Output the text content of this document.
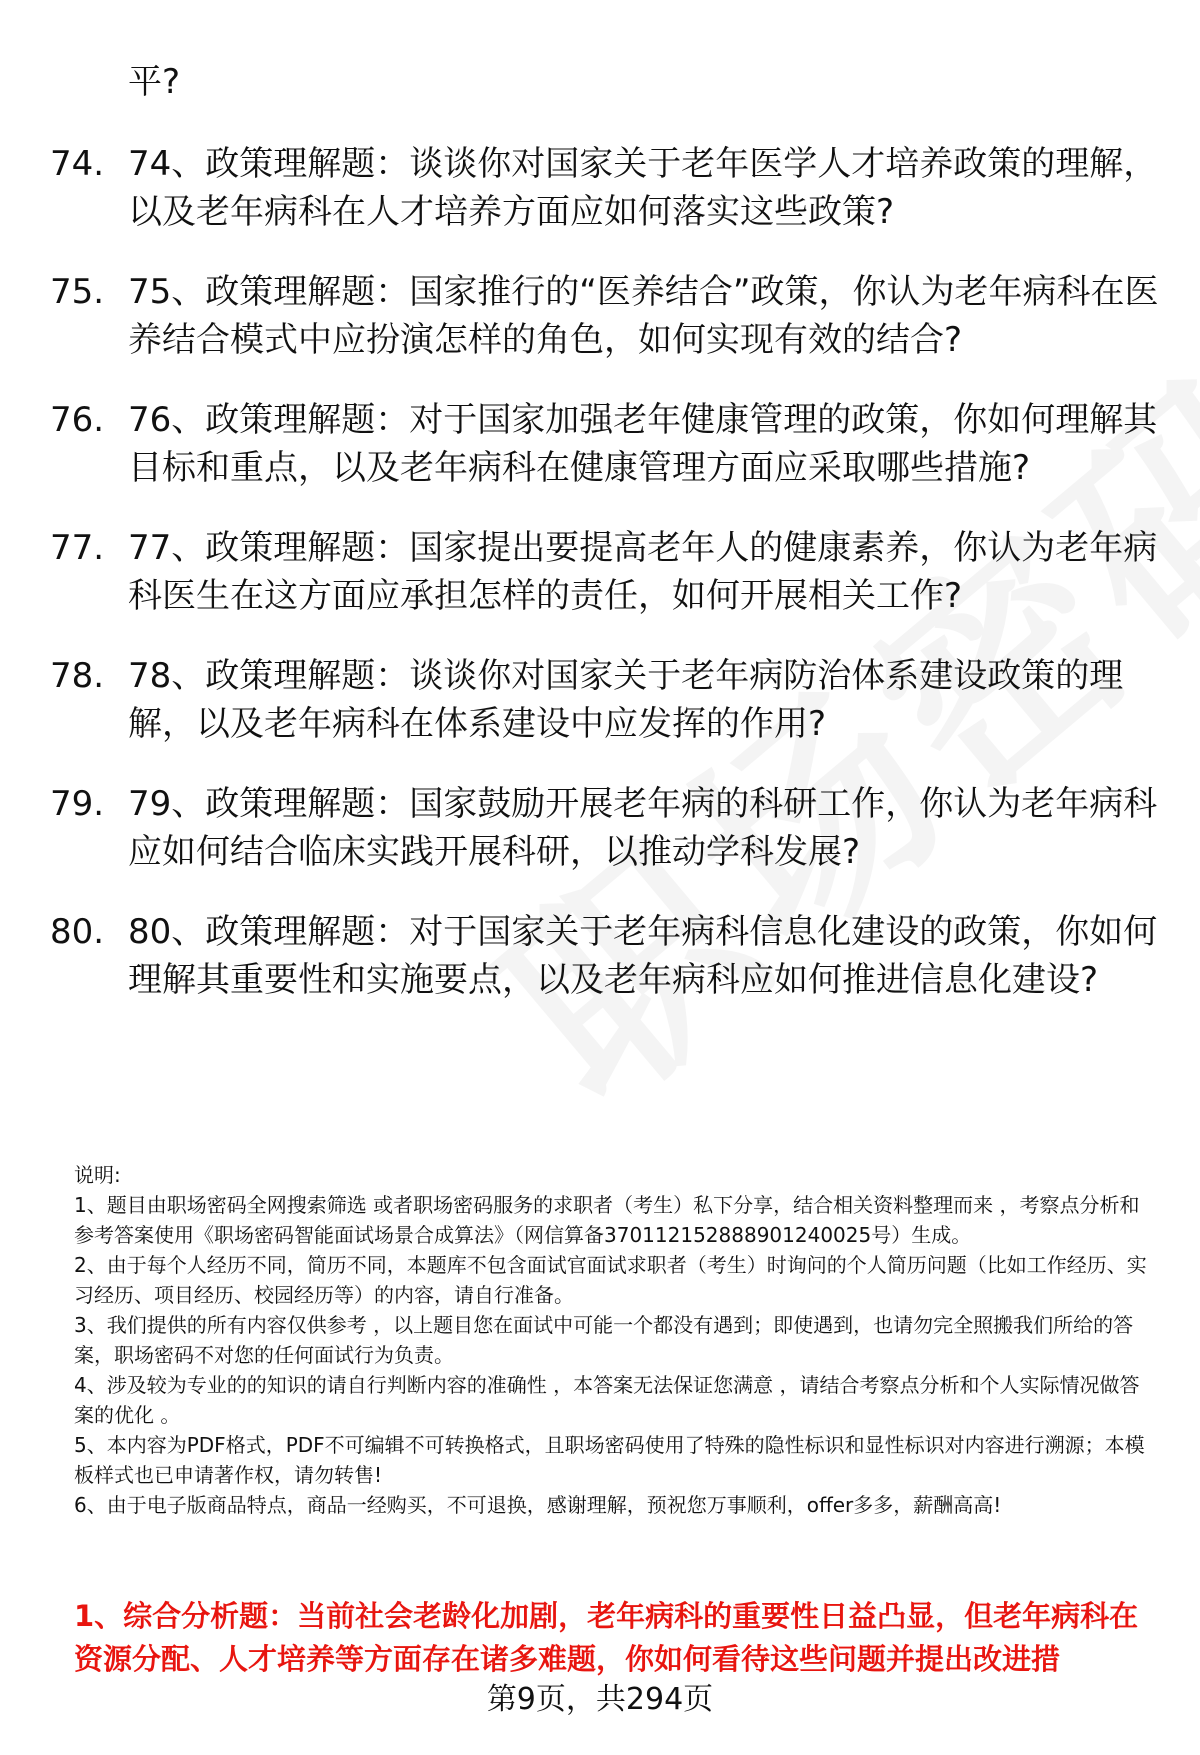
平?
74. 74、政策理解题：谈谈你对国家关于老年医学人才培养政策的理解，以及老年病科在人才培养方面应如何落实这些政策?
75. 75、政策理解题：国家推行的“医养结合”政策，你认为老年病科在医养结合模式中应扮演怎样的角色，如何实现有效的结合?
76. 76、政策理解题：对于国家加强老年健康管理的政策，你如何理解其目标和重点，以及老年病科在健康管理方面应采取哪些措施?
77. 77、政策理解题：国家提出要提高老年人的健康素养，你认为老年病科医生在这方面应承担怎样的责任，如何开展相关工作?
78. 78、政策理解题：谈谈你对国家关于老年病防治体系建设政策的理解，以及老年病科在体系建设中应发挥的作用?
79. 79、政策理解题：国家鼓励开展老年病的科研工作，你认为老年病科应如何结合临床实践开展科研，以推动学科发展?
80. 80、政策理解题：对于国家关于老年病科信息化建设的政策，你如何理解其重要性和实施要点，以及老年病科应如何推进信息化建设?

说明:

1、题目由职场密码全网搜索筛选 或者职场密码服务的求职者（考生）私下分享，结合相关资料整理而来 ，考察点分析和参考答案使用《职场密码智能面试场景合成算法》（网信算备370112152888901240025号）生成。

2、由于每个人经历不同，简历不同，本题库不包含面试官面试求职者（考生）时询问的个人简历问题（比如工作经历、实习经历、项目经历、校园经历等）的内容，请自行准备。

3、我们提供的所有内容仅供参考 ，以上题目您在面试中可能一个都没有遇到；即使遇到，也请勿完全照搬我们所给的答案，职场密码不对您的任何面试行为负责。

4、涉及较为专业的的知识的请自行判断内容的准确性 ，本答案无法保证您满意 ，请结合考察点分析和个人实际情况做答案的优化 。

5、本内容为PDF格式，PDF不可编辑不可转换格式，且职场密码使用了特殊的隐性标识和显性标识对内容进行溯源；本模板样式也已申请著作权，请勿转售!

6、由于电子版商品特点，商品一经购买，不可退换，感谢理解，预祝您万事顺利，offer多多，薪酬高高!

1、综合分析题：当前社会老龄化加剧，老年病科的重要性日益凸显，但老年病科在资源分配、人才培养等方面存在诸多难题，你如何看待这些问题并提出改进措
第9页，共294页
